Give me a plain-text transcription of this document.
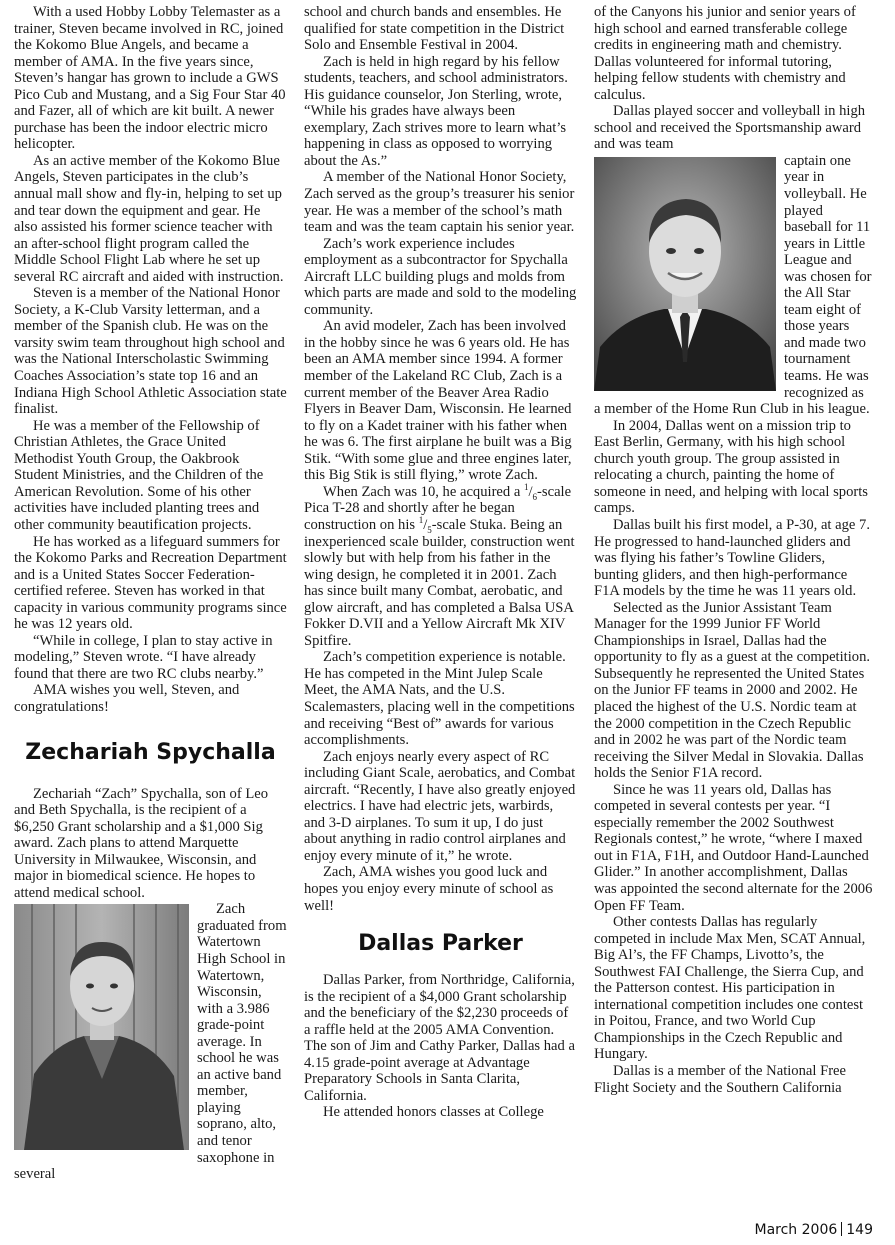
With a used Hobby Lobby Telemaster as a trainer, Steven became involved in RC, joined the Kokomo Blue Angels, and became a member of AMA. In the five years since, Steven’s hangar has grown to include a GWS Pico Cub and Mustang, and a Sig Four Star 40 and Fazer, all of which are kit built. A newer purchase has been the indoor electric micro helicopter.

As an active member of the Kokomo Blue Angels, Steven participates in the club’s annual mall show and fly-in, helping to set up and tear down the equipment and gear. He also assisted his former science teacher with an after-school flight program called the Middle School Flight Lab where he set up several RC aircraft and aided with instruction.

Steven is a member of the National Honor Society, a K-Club Varsity letterman, and a member of the Spanish club. He was on the varsity swim team throughout high school and was the National Interscholastic Swimming Coaches Association’s state top 16 and an Indiana High School Athletic Association state finalist.

He was a member of the Fellowship of Christian Athletes, the Grace United Methodist Youth Group, the Oakbrook Student Ministries, and the Children of the American Revolution. Some of his other activities have included planting trees and other community beautification projects.

He has worked as a lifeguard summers for the Kokomo Parks and Recreation Department and is a United States Soccer Federation-certified referee. Steven has worked in that capacity in various community programs since he was 12 years old.

“While in college, I plan to stay active in modeling,” Steven wrote. “I have already found that there are two RC clubs nearby.”

AMA wishes you well, Steven, and congratulations!

Zechariah Spychalla

Zechariah “Zach” Spychalla, son of Leo and Beth Spychalla, is the recipient of a $6,250 Grant scholarship and a $1,000 Sig award. Zach plans to attend Marquette University in Milwaukee, Wisconsin, and major in biomedical science. He hopes to attend medical school.

Zach graduated from Watertown High School in Watertown, Wisconsin, with a 3.986 grade-point average. In school he was an active band member, playing soprano, alto, and tenor saxophone in several

school and church bands and ensembles. He qualified for state competition in the District Solo and Ensemble Festival in 2004.

Zach is held in high regard by his fellow students, teachers, and school administrators. His guidance counselor, Jon Sterling, wrote, “While his grades have always been exemplary, Zach strives more to learn what’s happening in class as opposed to worrying about the As.”

A member of the National Honor Society, Zach served as the group’s treasurer his senior year. He was a member of the school’s math team and was the team captain his senior year.

Zach’s work experience includes employment as a subcontractor for Spychalla Aircraft LLC building plugs and molds from which parts are made and sold to the modeling community.

An avid modeler, Zach has been involved in the hobby since he was 6 years old. He has been an AMA member since 1994. A former member of the Lakeland RC Club, Zach is a current member of the Beaver Area Radio Flyers in Beaver Dam, Wisconsin. He learned to fly on a Kadet trainer with his father when he was 6. The first airplane he built was a Big Stik. “With some glue and three engines later, this Big Stik is still flying,” wrote Zach.

When Zach was 10, he acquired a $^1/_6$-scale Pica T-28 and shortly after he began construction on his $^1/_5$-scale Stuka. Being an inexperienced scale builder, construction went slowly but with help from his father in the wing design, he completed it in 2001. Zach has since built many Combat, aerobatic, and glow aircraft, and has completed a Balsa USA Fokker D.VII and a Yellow Aircraft Mk XIV Spitfire.

Zach’s competition experience is notable. He has competed in the Mint Julep Scale Meet, the AMA Nats, and the U.S. Scalemasters, placing well in the competitions and receiving “Best of” awards for various accomplishments.

Zach enjoys nearly every aspect of RC including Giant Scale, aerobatics, and Combat aircraft. “Recently, I have also greatly enjoyed electrics. I have had electric jets, warbirds, and 3-D airplanes. To sum it up, I do just about anything in radio control airplanes and enjoy every minute of it,” he wrote.

Zach, AMA wishes you good luck and hopes you enjoy every minute of school as well!

Dallas Parker

Dallas Parker, from Northridge, California, is the recipient of a $4,000 Grant scholarship and the beneficiary of the $2,230 proceeds of a raffle held at the 2005 AMA Convention. The son of Jim and Cathy Parker, Dallas had a 4.15 grade-point average at Advantage Preparatory Schools in Santa Clarita, California.

He attended honors classes at College

of the Canyons his junior and senior years of high school and earned transferable college credits in engineering math and chemistry. Dallas volunteered for informal tutoring, helping fellow students with chemistry and calculus.

Dallas played soccer and volleyball in high school and received the Sportsmanship award and was team

captain one year in volleyball. He played baseball for 11 years in Little League and was chosen for the All Star team eight of those years and made two tournament teams. He was recognized as a member of the Home Run Club in his league.

In 2004, Dallas went on a mission trip to East Berlin, Germany, with his high school church youth group. The group assisted in relocating a church, painting the home of someone in need, and helping with local sports camps.

Dallas built his first model, a P-30, at age 7. He progressed to hand-launched gliders and was flying his father’s Towline Gliders, bunting gliders, and then high-performance F1A models by the time he was 11 years old.

Selected as the Junior Assistant Team Manager for the 1999 Junior FF World Championships in Israel, Dallas had the opportunity to fly as a guest at the competition. Subsequently he represented the United States on the Junior FF teams in 2000 and 2002. He placed the highest of the U.S. Nordic team at the 2000 competition in the Czech Republic and in 2002 he was part of the Nordic team receiving the Silver Medal in Slovakia. Dallas holds the Senior F1A record.

Since he was 11 years old, Dallas has competed in several contests per year. “I especially remember the 2002 Southwest Regionals contest,” he wrote, “where I maxed out in F1A, F1H, and Outdoor Hand-Launched Glider.” In another accomplishment, Dallas was appointed the second alternate for the 2006 Open FF Team.

Other contests Dallas has regularly competed in include Max Men, SCAT Annual, Big Al’s, the FF Champs, Livotto’s, the Southwest FAI Challenge, the Sierra Cup, and the Patterson contest. His participation in international competition includes one contest in Poitou, France, and two World Cup Championships in the Czech Republic and Hungary.

Dallas is a member of the National Free Flight Society and the Southern California

March 2006 149
